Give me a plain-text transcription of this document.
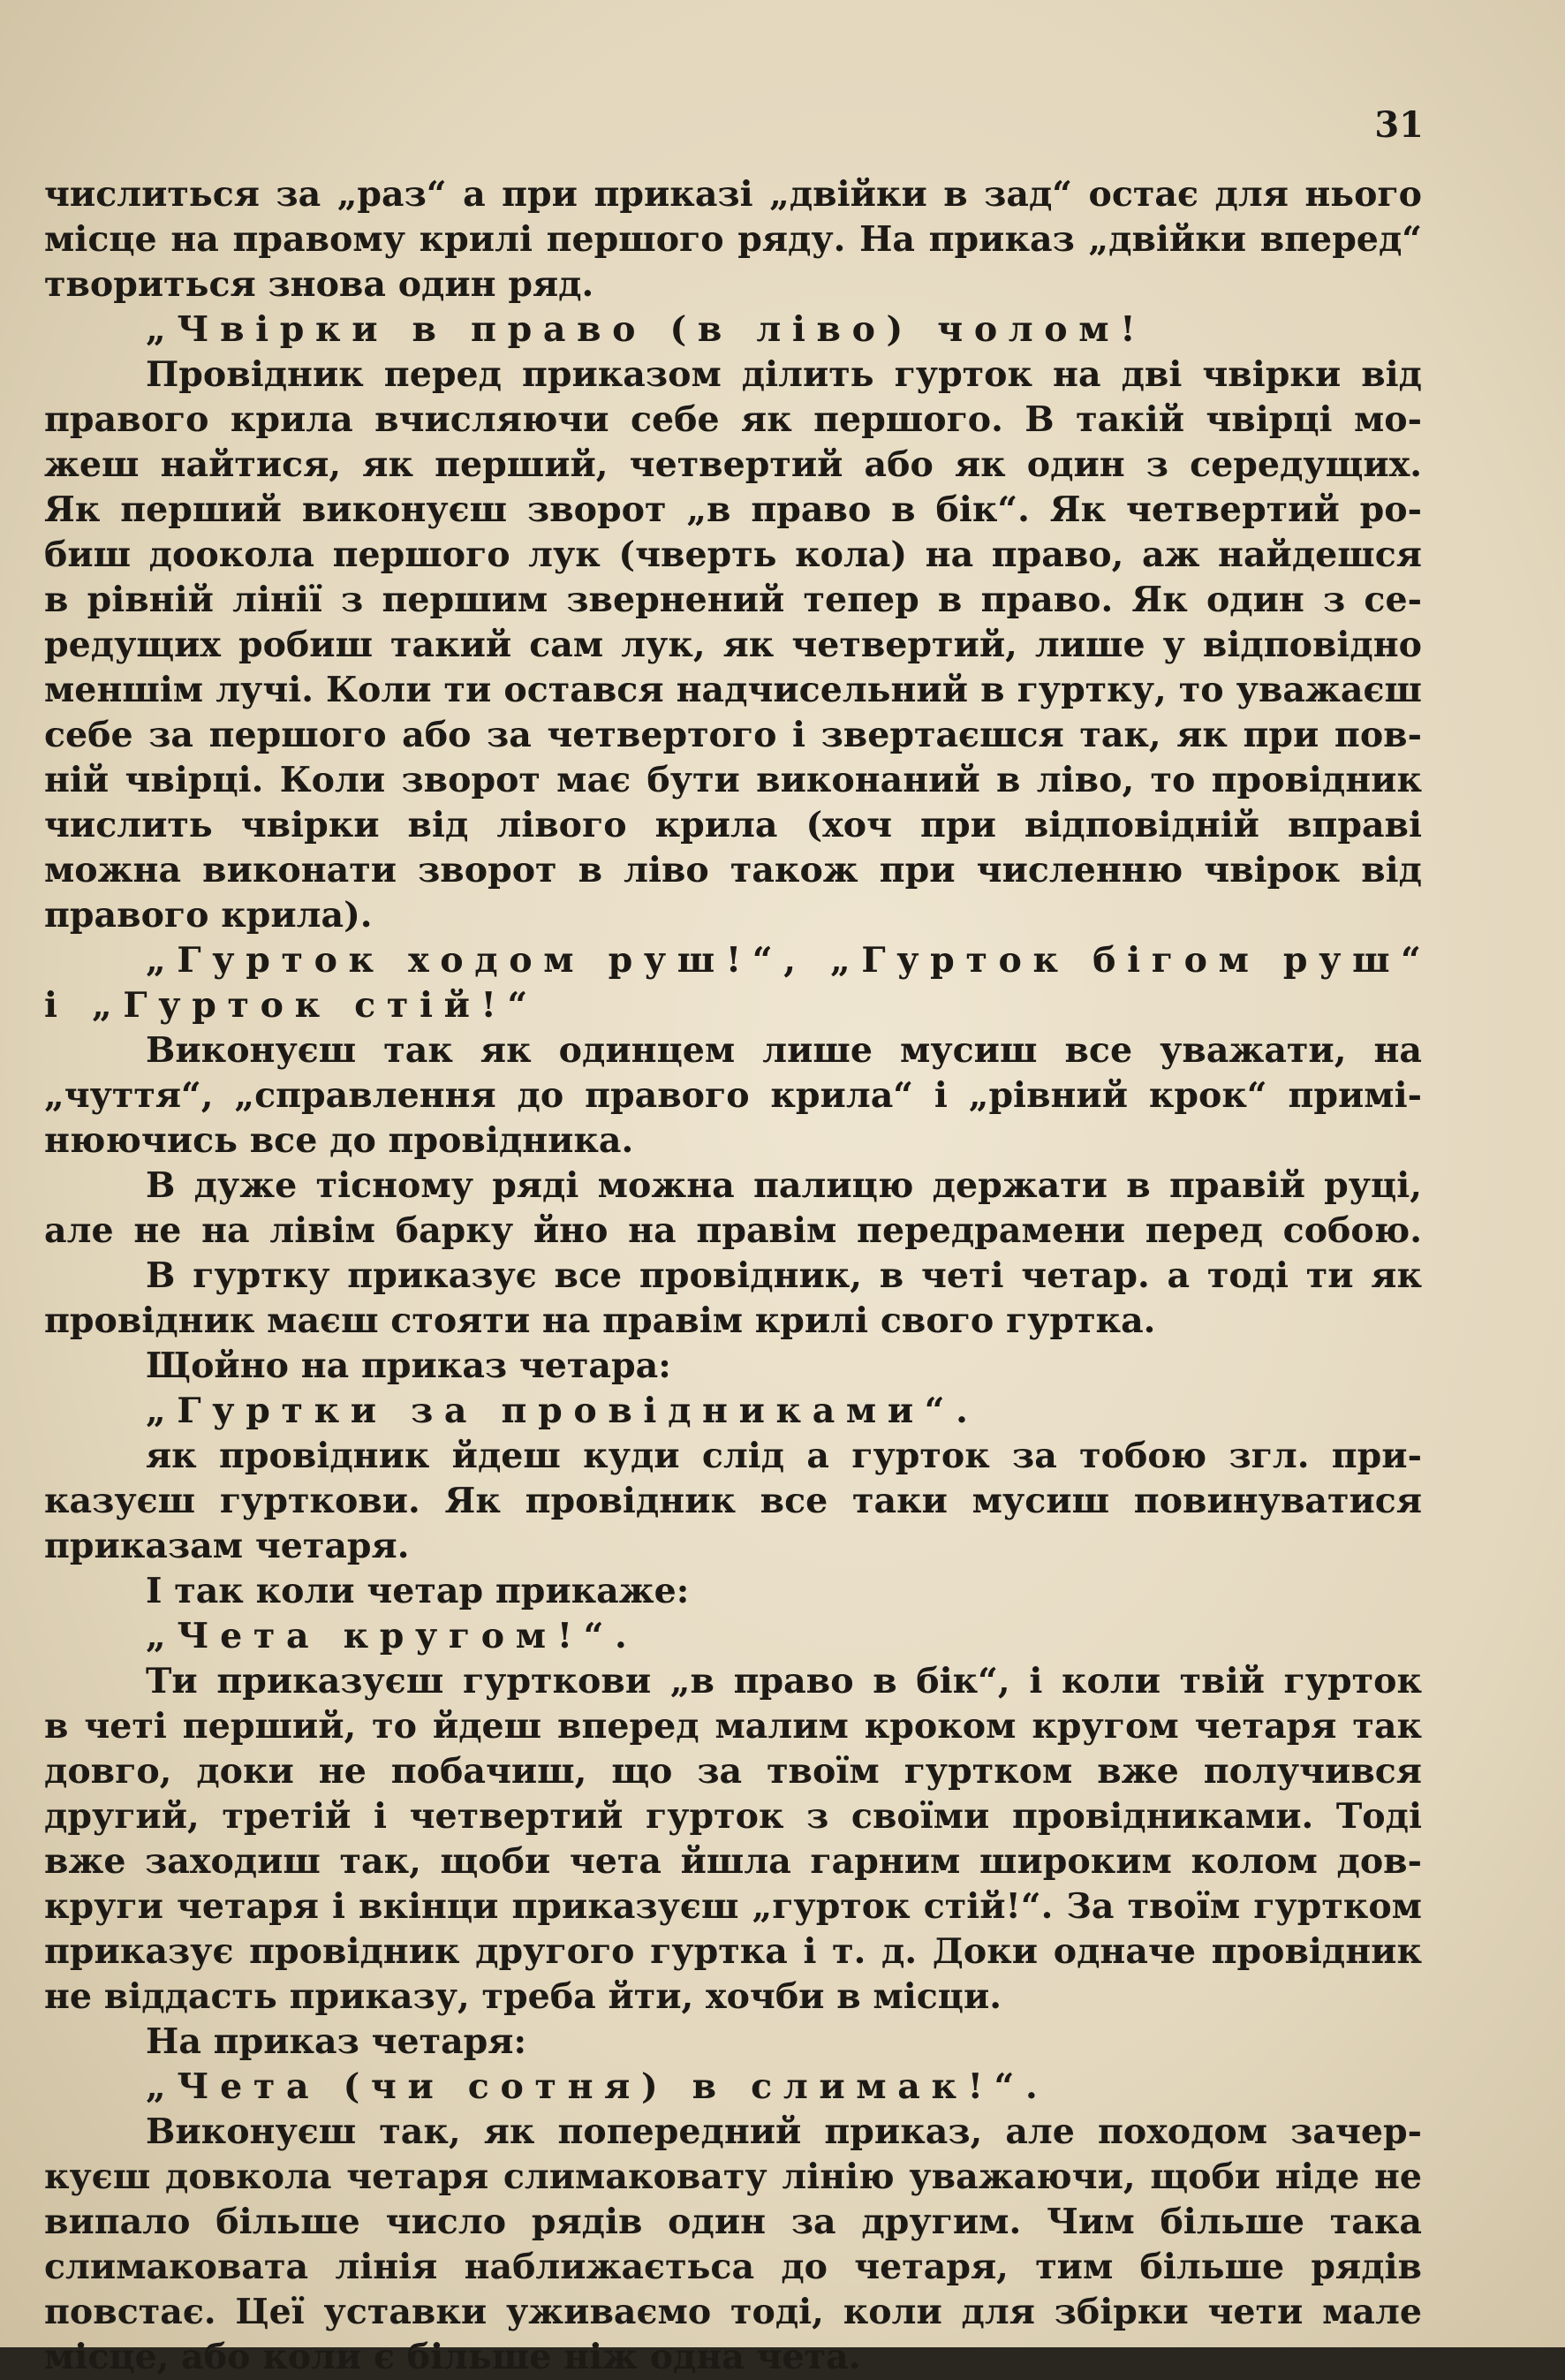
31
числиться за „раз“ а при приказі „двійки в зад“ остає для нього
місце на правому крилі першого ряду. На приказ „двійки вперед“
твориться знова один ряд.
„Чвірки в право (в ліво) чолом!
Провідник перед приказом ділить гурток на дві чвірки від
правого крила вчисляючи себе як першого. В такій чвірці мо-
жеш найтися, як перший, четвертий або як один з середущих.
Як перший виконуєш зворот „в право в бік“. Як четвертий ро-
биш доокола першого лук (чверть кола) на право, аж найдешся
в рівній лінії з першим звернений тепер в право. Як один з се-
редущих робиш такий сам лук, як четвертий, лише у відповідно
меншім лучі. Коли ти остався надчисельний в гуртку, то уважаєш
себе за першого або за четвертого і звертаєшся так, як при пов-
ній чвірці. Коли зворот має бути виконаний в ліво, то провідник
числить чвірки від лівого крила (хоч при відповідній вправі
можна виконати зворот в ліво також при численню чвірок від
правого крила).
„Гурток ходом руш!“, „Гурток бігом руш“
і „Гурток стій!“
Виконуєш так як одинцем лише мусиш все уважати, на
„чуття“, „справлення до правого крила“ і „рівний крок“ примі-
нюючись все до провідника.
В дуже тісному ряді можна палицю держати в правій руці,
але не на лівім барку йно на правім передрамени перед собою.
В гуртку приказує все провідник, в четі четар. а тоді ти як
провідник маєш стояти на правім крилі свого гуртка.
Щойно на приказ четара:
„Гуртки за провідниками“.
як провідник йдеш куди слід а гурток за тобою згл. при-
казуєш гурткови. Як провідник все таки мусиш повинуватися
приказам четаря.
І так коли четар прикаже:
„Чета кругом!“.
Ти приказуєш гурткови „в право в бік“, і коли твій гурток
в четі перший, то йдеш вперед малим кроком кругом четаря так
довго, доки не побачиш, що за твоїм гуртком вже получився
другий, третій і четвертий гурток з своїми провідниками. Тоді
вже заходиш так, щоби чета йшла гарним широким колом дов-
круги четаря і вкінци приказуєш „гурток стій!“. За твоїм гуртком
приказує провідник другого гуртка і т. д. Доки одначе провідник
не віддасть приказу, треба йти, хочби в місци.
На приказ четаря:
„Чета (чи сотня) в слимак!“.
Виконуєш так, як попередний приказ, але походом зачер-
куєш довкола четаря слимаковату лінію уважаючи, щоби ніде не
випало більше число рядів один за другим. Чим більше така
слимаковата лінія наближаєтьса до четаря, тим більше рядів
повстає. Цеї уставки уживаємо тоді, коли для збірки чети мале
місце, або коли є більше ніж одна чета.
